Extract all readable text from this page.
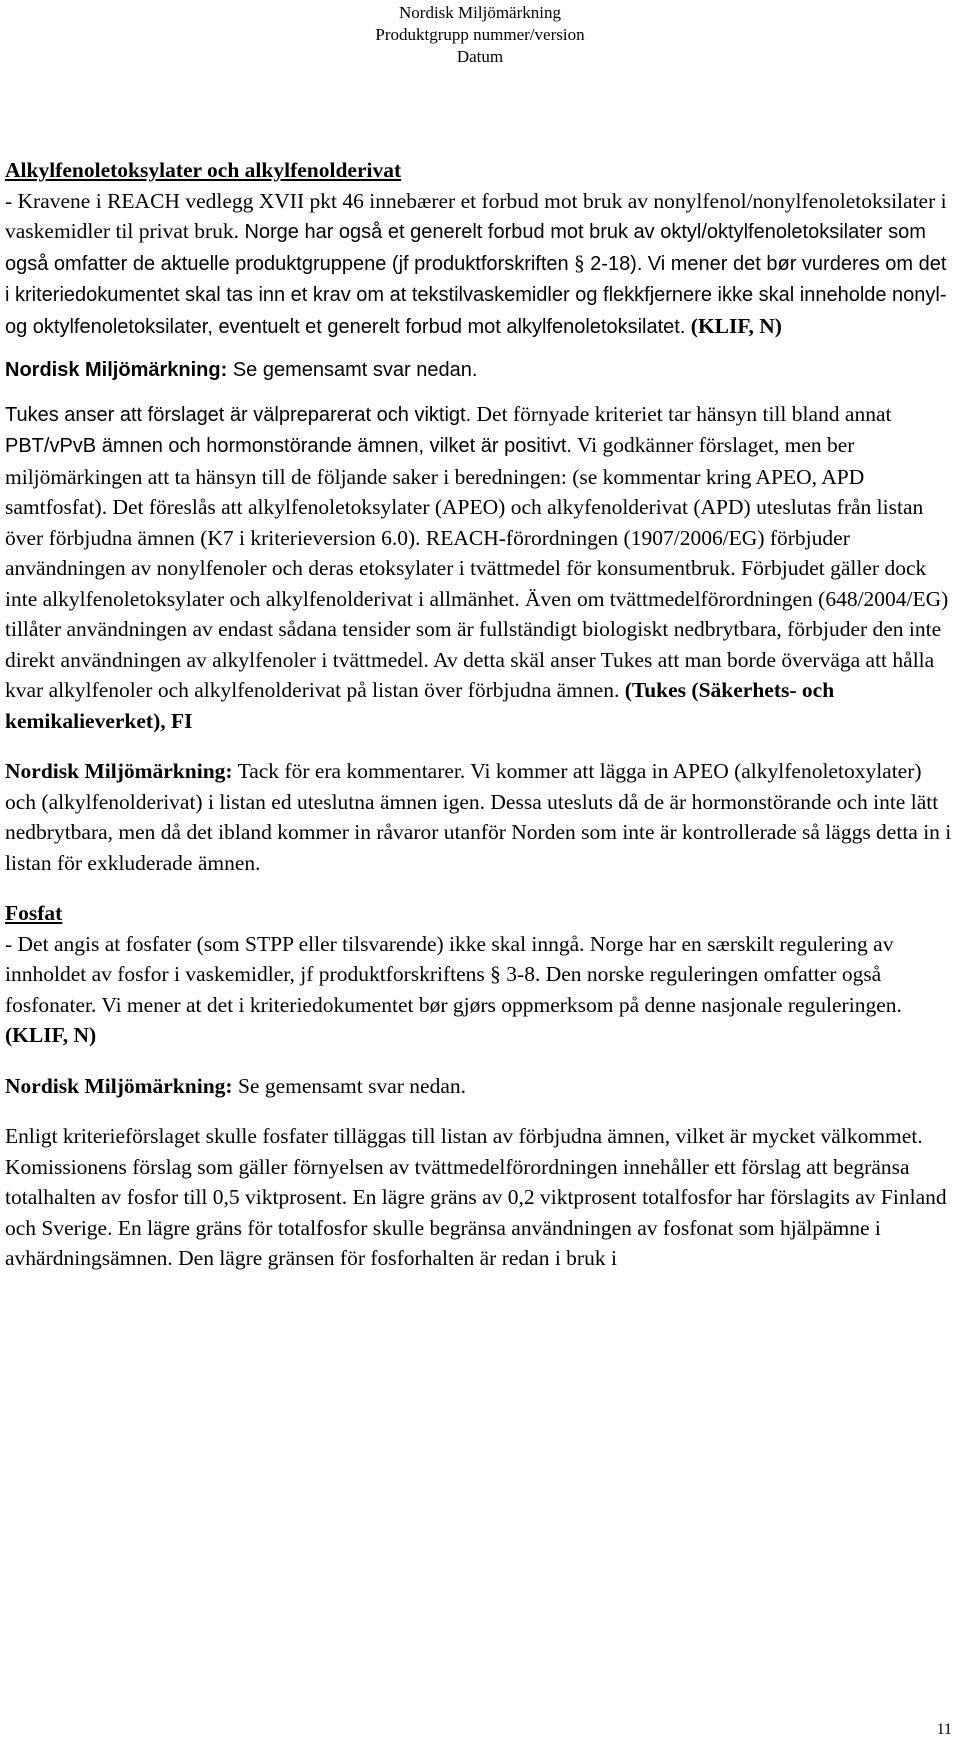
Nordisk Miljömärkning
Produktgrupp nummer/version
Datum

Alkylfenoletoksylater och alkylfenolderivat
- Kravene i REACH vedlegg XVII pkt 46 innebærer et forbud mot bruk av nonylfenol/nonylfenoletoksilater i vaskemidler til privat bruk. Norge har også et generelt forbud mot bruk av oktyl/oktylfenoletoksilater som også omfatter de aktuelle produktgruppene (jf produktforskriften § 2-18). Vi mener det bør vurderes om det i kriteriedokumentet skal tas inn et krav om at tekstilvaskemidler og flekkfjernere ikke skal inneholde nonyl- og oktylfenoletoksilater, eventuelt et generelt forbud mot alkylfenoletoksilatet. (KLIF, N)

Nordisk Miljömärkning: Se gemensamt svar nedan.

Tukes anser att förslaget är välpreparerat och viktigt. Det förnyade kriteriet tar hänsyn till bland annat PBT/vPvB ämnen och hormonstörande ämnen, vilket är positivt. Vi godkänner förslaget, men ber miljömärkingen att ta hänsyn till de följande saker i beredningen: (se kommentar kring APEO, APD samtfosfat). Det föreslås att alkylfenoletoksylater (APEO) och alkyfenolderivat (APD) uteslutas från listan över förbjudna ämnen (K7 i kriterieversion 6.0). REACH-förordningen (1907/2006/EG) förbjuder användningen av nonylfenoler och deras etoksylater i tvättmedel för konsumentbruk. Förbjudet gäller dock inte alkylfenoletoksylater och alkylfenolderivat i allmänhet. Även om tvättmedelförordningen (648/2004/EG) tillåter användningen av endast sådana tensider som är fullständigt biologiskt nedbrytbara, förbjuder den inte direkt användningen av alkylfenoler i tvättmedel. Av detta skäl anser Tukes att man borde överväga att hålla kvar alkylfenoler och alkylfenolderivat på listan över förbjudna ämnen. (Tukes (Säkerhets- och kemikalieverket), FI

Nordisk Miljömärkning: Tack för era kommentarer. Vi kommer att lägga in APEO (alkylfenoletoxylater) och (alkylfenolderivat) i listan ed uteslutna ämnen igen. Dessa utesluts då de är hormonstörande och inte lätt nedbrytbara, men då det ibland kommer in råvaror utanför Norden som inte är kontrollerade så läggs detta in i listan för exkluderade ämnen.

Fosfat
- Det angis at fosfater (som STPP eller tilsvarende) ikke skal inngå. Norge har en særskilt regulering av innholdet av fosfor i vaskemidler, jf produktforskriftens § 3-8. Den norske reguleringen omfatter også fosfonater. Vi mener at det i kriteriedokumentet bør gjørs oppmerksom på denne nasjonale reguleringen.
(KLIF, N)

Nordisk Miljömärkning: Se gemensamt svar nedan.

Enligt kriterieförslaget skulle fosfater tilläggas till listan av förbjudna ämnen, vilket är mycket välkommet. Komissionens förslag som gäller förnyelsen av tvättmedelförordningen innehåller ett förslag att begränsa totalhalten av fosfor till 0,5 viktprosent. En lägre gräns av 0,2 viktprosent totalfosfor har förslagits av Finland och Sverige. En lägre gräns för totalfosfor skulle begränsa användningen av fosfonat som hjälpämne i avhärdningsämnen. Den lägre gränsen för fosforhalten är redan i bruk i

11
